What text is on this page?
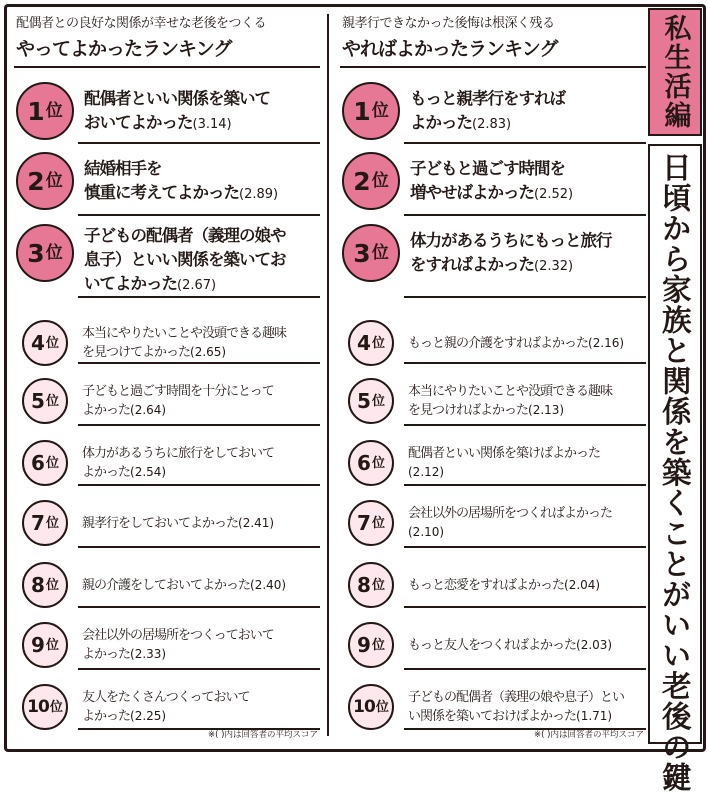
配偶者との良好な関係が幸せな老後をつくる
やってよかったランキング
1 位
配偶者といい関係を築いて
おいてよかった(3.14)
2 位
結婚相手を
慎重に考えてよかった(2.89)
3 位
子どもの配偶者（義理の娘や
息子）といい関係を築いてお
いてよかった(2.67)
4 位
本当にやりたいことや没頭できる趣味
を見つけてよかった(2.65)
5 位
子どもと過ごす時間を十分にとって
よかった(2.64)
6 位
体力があるうちに旅行をしておいて
よかった(2.54)
7 位 親孝行をしておいてよかった(2.41)
8 位 親の介護をしておいてよかった(2.40)
9 位
会社以外の居場所をつくっておいて
よかった(2.33)
10 位
友人をたくさんつくっておいて
よかった(2.25)
※( )内は回答者の平均スコア
親孝行できなかった後悔は根深く残る
やればよかったランキング
1 位
もっと親孝行をすれば
よかった(2.83)
2 位
子どもと過ごす時間を
増やせばよかった(2.52)
3 位
体力があるうちにもっと旅行
をすればよかった(2.32)
4 位 もっと親の介護をすればよかった(2.16)
5 位
本当にやりたいことや没頭できる趣味
を見つければよかった(2.13)
6 位
配偶者といい関係を築けばよかった
(2.12)
7 位
会社以外の居場所をつくればよかった
(2.10)
8 位 もっと恋愛をすればよかった(2.04)
9 位 もっと友人をつくればよかった(2.03)
10 位
子どもの配偶者（義理の娘や息子）とい
い関係を築いておけばよかった(1.71)
※( )内は回答者の平均スコア
私生活編
日頃から家族と関係を築くことがいい老後の鍵
